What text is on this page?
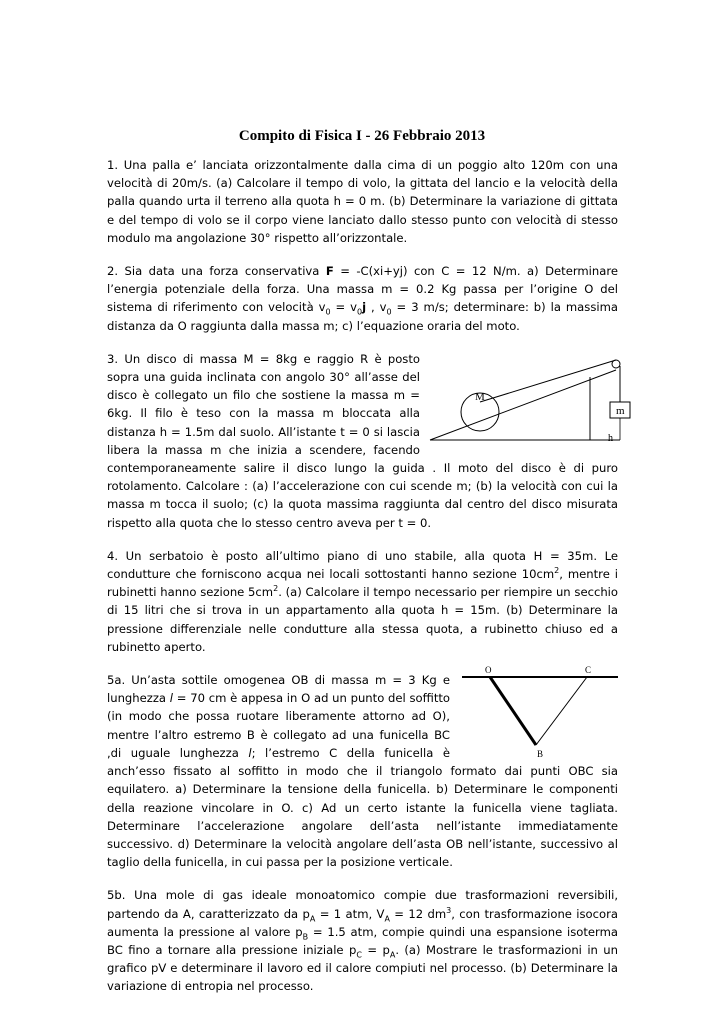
Compito di Fisica I - 26 Febbraio 2013

1. Una palla e’ lanciata orizzontalmente dalla cima di un poggio alto 120m con una velocità di 20m/s. (a) Calcolare il tempo di volo, la gittata del lancio e la velocità della palla quando urta il terreno alla quota h = 0 m. (b) Determinare la variazione di gittata e del tempo di volo se il corpo viene lanciato dallo stesso punto con velocità di stesso modulo ma angolazione 30° rispetto all’orizzontale.

2. Sia data una forza conservativa F = -C(xi+yj) con C = 12 N/m. a) Determinare l’energia potenziale della forza. Una massa m = 0.2 Kg passa per l’origine O del sistema di riferimento con velocità $v_0 = v_0j$ , $v_0 = 3$ m/s; determinare: b) la massima distanza da O raggiunta dalla massa m; c) l’equazione oraria del moto.

M
m
h
3. Un disco di massa M = 8kg e raggio R è posto sopra una guida inclinata con angolo 30° all’asse del disco è collegato un filo che sostiene la massa m = 6kg. Il filo è teso con la massa m bloccata alla distanza h = 1.5m dal suolo. All’istante t = 0 si lascia libera la massa m che inizia a scendere, facendo contemporaneamente salire il disco lungo la guida . Il moto del disco è di puro rotolamento. Calcolare : (a) l’accelerazione con cui scende m; (b) la velocità con cui la massa m tocca il suolo; (c) la quota massima raggiunta dal centro del disco misurata rispetto alla quota che lo stesso centro aveva per t = 0.

4. Un serbatoio è posto all’ultimo piano di uno stabile, alla quota H = 35m. Le condutture che forniscono acqua nei locali sottostanti hanno sezione $10cm^2$, mentre i rubinetti hanno sezione $5cm^2$. (a) Calcolare il tempo necessario per riempire un secchio di 15 litri che si trova in un appartamento alla quota h = 15m. (b) Determinare la pressione differenziale nelle condutture alla stessa quota, a rubinetto chiuso ed a rubinetto aperto.

O	C
B
5a. Un’asta sottile omogenea OB di massa m = 3 Kg e lunghezza l = 70 cm è appesa in O ad un punto del soffitto (in modo che possa ruotare liberamente attorno ad O), mentre l’altro estremo B è collegato ad una funicella BC ,di uguale lunghezza l; l’estremo C della funicella è anch’esso fissato al soffitto in modo che il triangolo formato dai punti OBC sia equilatero. a) Determinare la tensione della funicella. b) Determinare le componenti della reazione vincolare in O. c) Ad un certo istante la funicella viene tagliata. Determinare l’accelerazione angolare dell’asta nell’istante immediatamente successivo. d) Determinare la velocità angolare dell’asta OB nell’istante, successivo al taglio della funicella, in cui passa per la posizione verticale.

5b. Una mole di gas ideale monoatomico compie due trasformazioni reversibili, partendo da A, caratterizzato da $p_A = 1$ atm, $V_A = 12$ $dm^3$, con trasformazione isocora aumenta la pressione al valore $p_B = 1.5$ atm, compie quindi una espansione isoterma BC fino a tornare alla pressione iniziale $p_C = p_A$. (a) Mostrare le trasformazioni in un grafico pV e determinare il lavoro ed il calore compiuti nel processo. (b) Determinare la variazione di entropia nel processo.
